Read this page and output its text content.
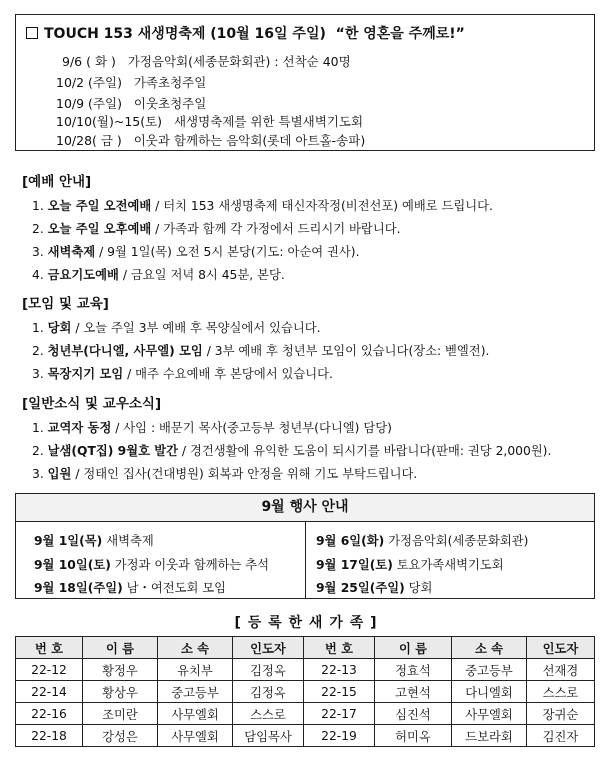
TOUCH 153 새생명축제 (10월 16일 주일) “한 영혼을 주께로!”
9/6 ( 화 ) 가정음악회(세종문화회관) : 선착순 40명
10/2 (주일) 가족초청주일
10/9 (주일) 이웃초청주일
10/10(월)~15(토) 새생명축제를 위한 특별새벽기도회
10/28( 금 ) 이웃과 함께하는 음악회(롯데 아트홀-송파)
[예배 안내]
1. 오늘 주일 오전예배 / 터치 153 새생명축제 태신자작정(비전선포) 예배로 드립니다.
2. 오늘 주일 오후예배 / 가족과 함께 각 가정에서 드리시기 바랍니다.
3. 새벽축제 / 9월 1일(목) 오전 5시 본당(기도: 아순여 권사).
4. 금요기도예배 / 금요일 저녁 8시 45분, 본당.
[모임 및 교육]
1. 당회 / 오늘 주일 3부 예배 후 목양실에서 있습니다.
2. 청년부(다니엘, 사무엘) 모임 / 3부 예배 후 청년부 모임이 있습니다(장소: 벧엘전).
3. 목장지기 모임 / 매주 수요예배 후 본당에서 있습니다.
[일반소식 및 교우소식]
1. 교역자 동정 / 사임 : 배문기 목사(중고등부 청년부(다니엘) 담당)
2. 날샘(QT집) 9월호 발간 / 경건생활에 유익한 도움이 되시기를 바랍니다(판매: 권당 2,000원).
3. 입원 / 정태인 집사(건대병원) 회복과 안정을 위해 기도 부탁드립니다.
9월 행사 안내
9월 1일(목) 새벽축제
9월 10일(토) 가정과 이웃과 함께하는 추석
9월 18일(주일) 남・여전도회 모임
9월 6일(화) 가정음악회(세종문화회관)
9월 17일(토) 토요가족새벽기도회
9월 25일(주일) 당회
[ 등 록 한 새 가 족 ]
번 호	이 름	소 속	인도자	번 호	이 름	소 속	인도자
22-12	황정우	유치부	김정옥	22-13	정효석	중고등부	선재경
22-14	황상우	중고등부	김정옥	22-15	고현석	다니엘회	스스로
22-16	조미란	사무엘회	스스로	22-17	심진석	사무엘회	장귀순
22-18	강성은	사무엘회	담임목사	22-19	허미옥	드보라회	김진자
